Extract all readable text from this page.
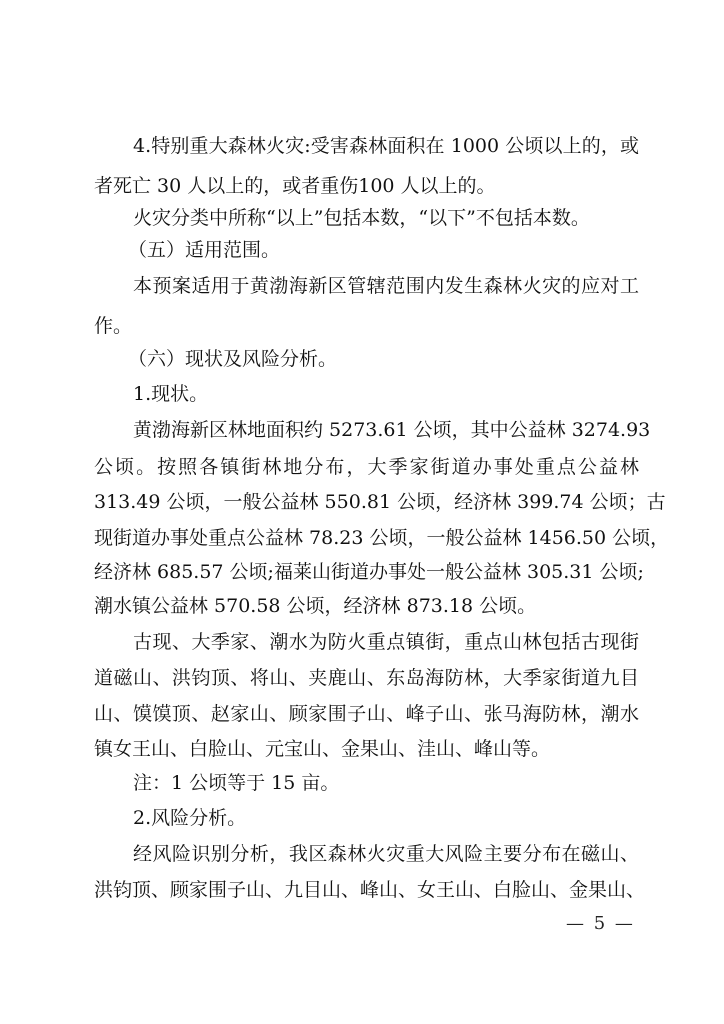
4.特别重大森林火灾:受害森林面积在 1000 公顷以上的，或
者死亡 30 人以上的，或者重伤100 人以上的。
火灾分类中所称“以上”包括本数，“以下”不包括本数。
（五）适用范围。
本预案适用于黄渤海新区管辖范围内发生森林火灾的应对工
作。
（六）现状及风险分析。
1.现状。
黄渤海新区林地面积约 5273.61 公顷，其中公益林 3274.93
公顷。按照各镇街林地分布，大季家街道办事处重点公益林
313.49 公顷，一般公益林 550.81 公顷，经济林 399.74 公顷；古
现街道办事处重点公益林 78.23 公顷，一般公益林 1456.50 公顷，
经济林 685.57 公顷;福莱山街道办事处一般公益林 305.31 公顷;
潮水镇公益林 570.58 公顷，经济林 873.18 公顷。
古现、大季家、潮水为防火重点镇街，重点山林包括古现街
道磁山、洪钧顶、将山、夹鹿山、东岛海防林，大季家街道九目
山、馍馍顶、赵家山、顾家围子山、峰子山、张马海防林，潮水
镇女王山、白脸山、元宝山、金果山、洼山、峰山等。
注：1 公顷等于 15 亩。
2.风险分析。
经风险识别分析，我区森林火灾重大风险主要分布在磁山、
洪钧顶、顾家围子山、九目山、峰山、女王山、白脸山、金果山、
— 5 —
